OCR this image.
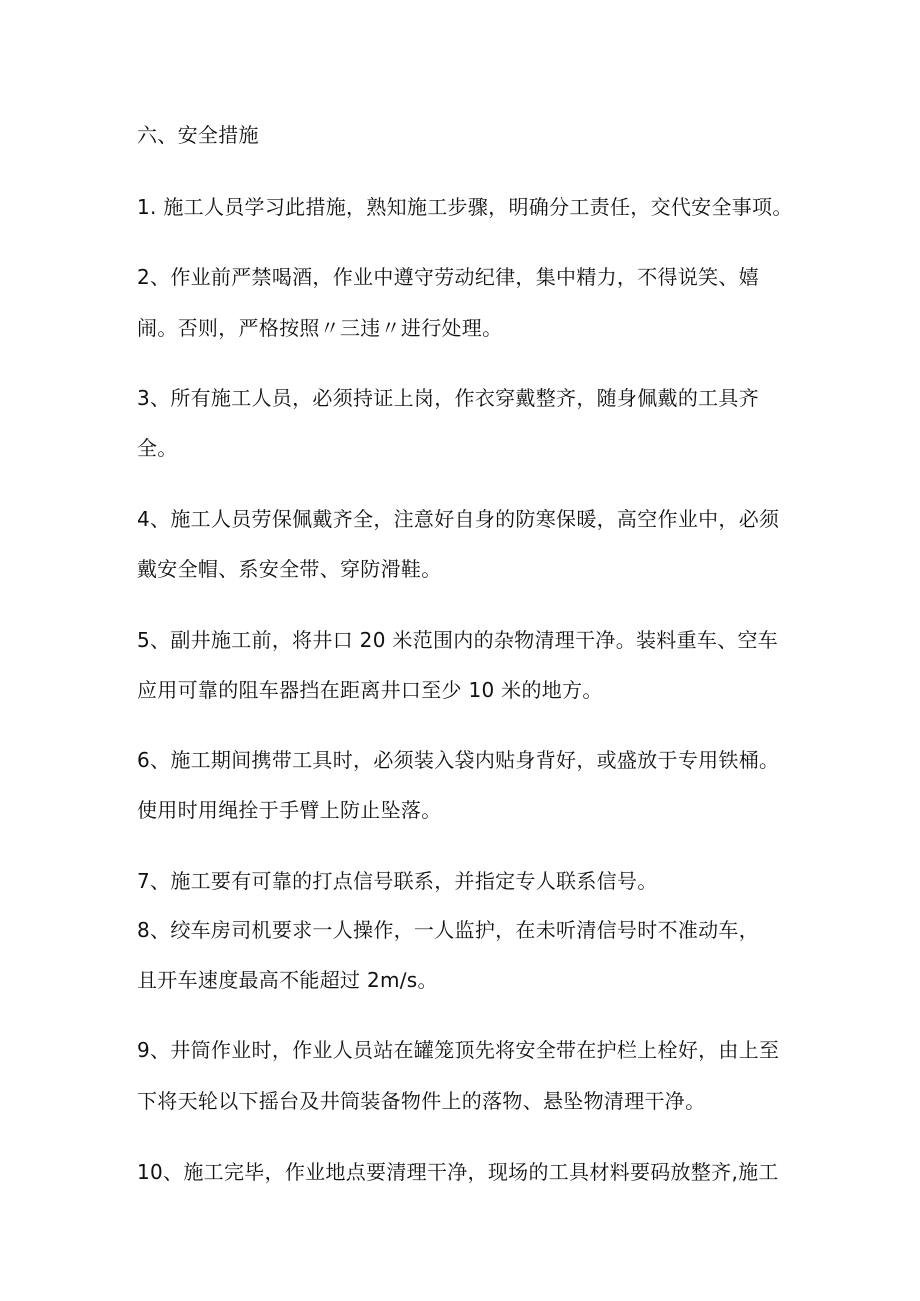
六、安全措施
1. 施工人员学习此措施，熟知施工步骤，明确分工责任，交代安全事项。
2、作业前严禁喝酒，作业中遵守劳动纪律，集中精力，不得说笑、嬉
闹。否则，严格按照〃三违〃进行处理。
3、所有施工人员，必须持证上岗，作衣穿戴整齐，随身佩戴的工具齐
全。
4、施工人员劳保佩戴齐全，注意好自身的防寒保暖，高空作业中，必须
戴安全帽、系安全带、穿防滑鞋。
5、副井施工前，将井口 20 米范围内的杂物清理干净。装料重车、空车
应用可靠的阻车器挡在距离井口至少 10 米的地方。
6、施工期间携带工具时，必须装入袋内贴身背好，或盛放于专用铁桶。
使用时用绳拴于手臂上防止坠落。
7、施工要有可靠的打点信号联系，并指定专人联系信号。
8、绞车房司机要求一人操作，一人监护，在未听清信号时不准动车，
且开车速度最高不能超过 2m∕s。
9、井筒作业时，作业人员站在罐笼顶先将安全带在护栏上栓好，由上至
下将天轮以下摇台及井筒装备物件上的落物、悬坠物清理干净。
10、施工完毕，作业地点要清理干净，现场的工具材料要码放整齐,施工
